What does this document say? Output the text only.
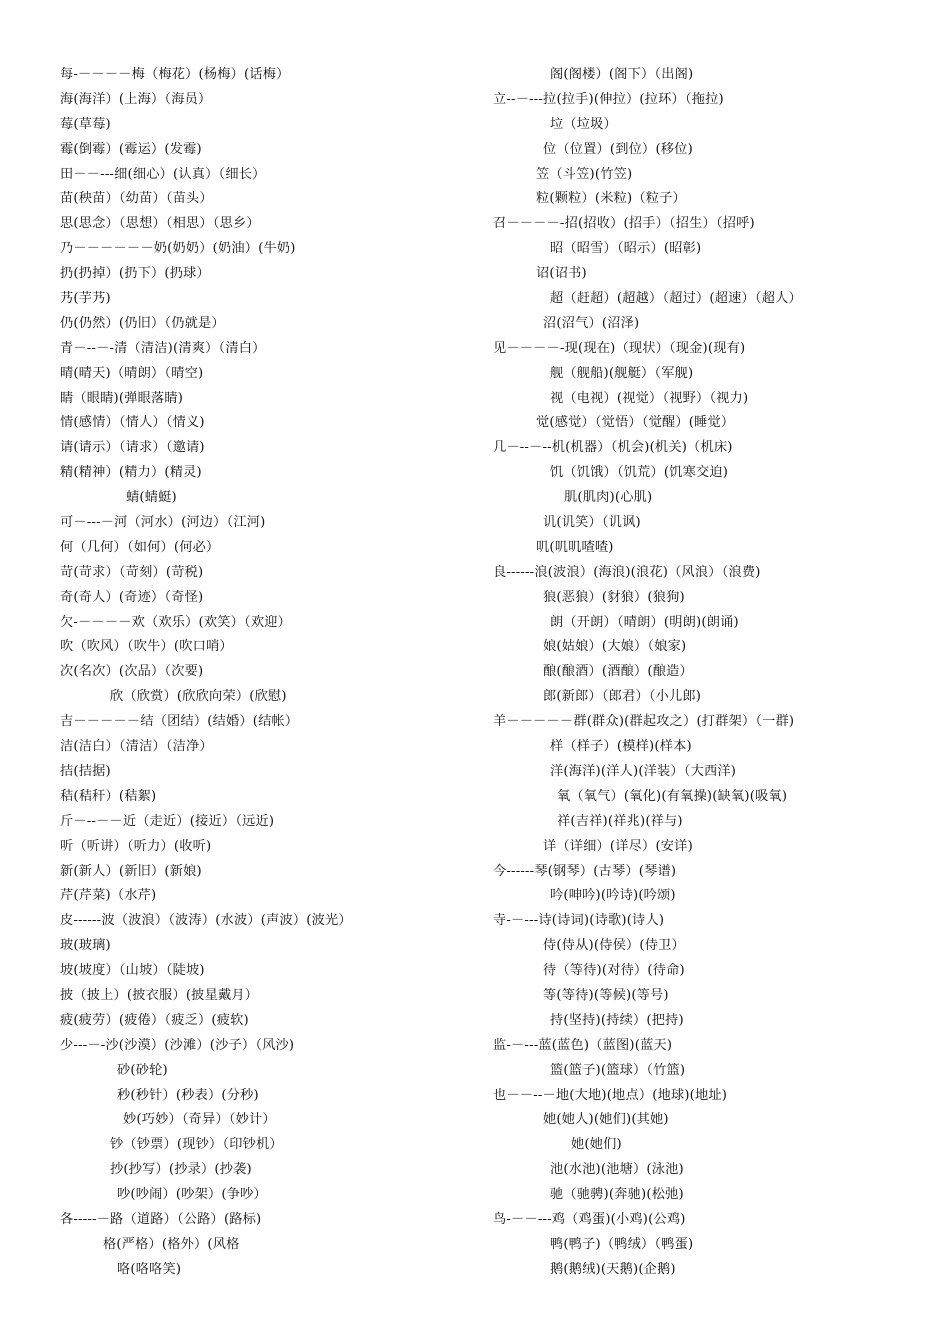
每-－－－－梅（梅花）(杨梅）(话梅）
海(海洋）(上海）（海员）
莓(草莓)
霉(倒霉）(霉运）(发霉)
田－－---细(细心）(认真）（细长）
苗(秧苗）（幼苗）（苗头）
思(思念）（思想）（相思）（思乡）
乃－－－－－－奶(奶奶）(奶油）(牛奶)
扔(扔掉）(扔下）(扔球）
艿(芋艿)
仍(仍然）(仍旧）（仍就是）
青－--－-清（清洁)(清爽）（清白）
晴(晴天)（晴朗）（晴空)
睛（眼睛)(弹眼落睛)
情(感情）（情人）（情义)
请(请示）（请求）（邀请)
精(精神）(精力）(精灵)
蜻(蜻蜓)
可－---－河（河水）(河边）（江河)
何（几何）（如何）(何必）
苛(苛求）（苛刻）(苛税)
奇(奇人）(奇迹）（奇怪)
欠-－－－－欢（欢乐）(欢笑）（欢迎）
吹（吹风）（吹牛）(吹口哨）
次(名次）(次品）（次要)
欣（欣赏）(欣欣向荣）(欣慰)
吉－－－－－结（团结）(结婚）(结帐）
洁(洁白）（清洁）（洁净）
拮(拮据)
秸(秸秆）(秸絮)
斤－--－－近（走近）(接近）（远近)
听（听讲）（听力）(收听)
新(新人）(新旧）(新娘)
芹(芹菜)（水芹)
皮------波（波浪）（波涛）(水波）(声波）(波光）
玻(玻璃)
坡(坡度）（山坡）（陡坡)
披（披上）(披衣服）(披星戴月）
疲(疲劳）(疲倦）（疲乏）(疲软)
少---－-沙(沙漠）(沙滩）(沙子）（风沙)
砂(砂轮)
秒(秒针）(秒表）(分秒)
妙(巧妙）（奇异）（妙计）
钞（钞票）(现钞）（印钞机）
抄(抄写）(抄录）(抄袭)
吵(吵闹）(吵架）(争吵）
各-----－路（道路）（公路）(路标)
格(严格）(格外）(风格
咯(咯咯笑)
阁(阁楼）(阁下）（出阁)
立--－---拉(拉手)(伸拉）(拉环）（拖拉)
垃（垃圾）
位（位置）(到位）(移位)
笠（斗笠)(竹笠)
粒(颗粒）(米粒)（粒子）
召－－－－-招(招收）(招手）（招生）（招呼)
昭（昭雪）（昭示）(昭彰)
诏(诏书)
超（赶超）(超越）（超过）(超速）（超人）
沼(沼气）(沼泽)
见－－－－-现(现在)（现状）（现金)(现有)
舰（舰船)(舰艇）（军舰)
视（电视）(视觉）（视野）（视力)
觉(感觉）（觉悟）（觉醒）(睡觉）
几－--－--机(机器）（机会)(机关)（机床)
饥（饥饿）（饥荒）(饥寒交迫)
肌(肌肉)(心肌)
讥(讥笑）（讥讽)
叽(叽叽喳喳)
良------浪(波浪）(海浪)(浪花)（风浪）（浪费)
狼(恶狼）(豺狼）(狼狗)
朗（开朗）（晴朗）(明朗)(朗诵)
娘(姑娘）(大娘）（娘家)
酿(酿酒）(酒酿）(酿造）
郎(新郎）（郎君）（小儿郎)
羊－－－－－群(群众)(群起攻之）(打群架）（一群)
样（样子）(模样)(样本)
洋(海洋)(洋人)(洋装）（大西洋)
氧（氧气）(氧化)(有氧操)(缺氧)(吸氧)
祥(吉祥)(祥兆)(祥与)
详（详细）(详尽）(安详)
今------琴(钢琴）(古琴）(琴谱)
吟(呻吟)(吟诗)(吟颂)
寺-－---诗(诗词)(诗歌)(诗人)
侍(侍从)(侍侯）(侍卫）
待（等待)(对待）(待命)
等(等待)(等候)(等号)
持(坚持)(持续）(把持)
监-－---蓝(蓝色)（蓝图)(蓝天)
篮(篮子)(篮球）（竹篮)
也－－--－地(大地)(地点）(地球)(地址)
她(她人)(她们)(其她)
她(她们)
池(水池)(池塘）(泳池)
驰（驰骋)(奔驰)(松弛)
鸟-－－---鸡（鸡蛋)(小鸡)(公鸡)
鸭(鸭子)（鸭绒）（鸭蛋)
鹅(鹅绒)(天鹅)(企鹅)
